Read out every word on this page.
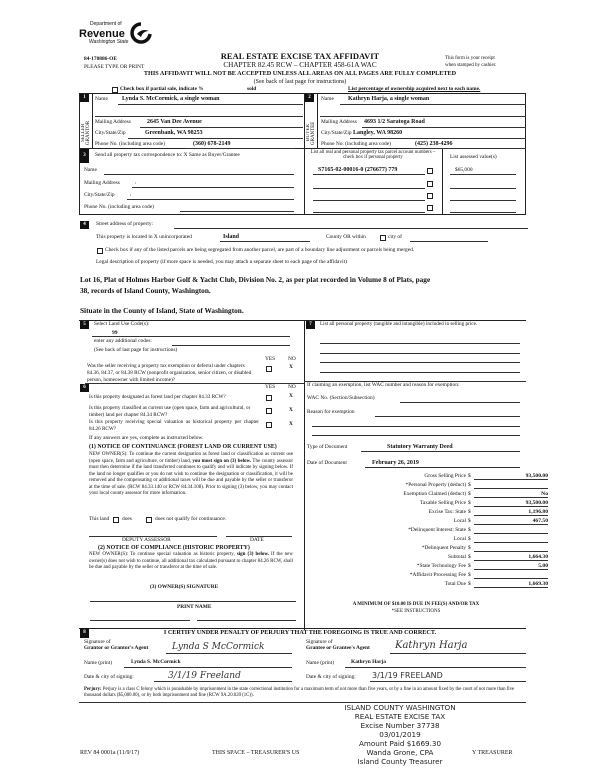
Department of
Revenue
Washington State
84-170886-OE
PLEASE TYPE OR PRINT
REAL ESTATE EXCISE TAX AFFIDAVIT
CHAPTER 82.45 RCW – CHAPTER 458-61A WAC
THIS AFFIDAVIT WILL NOT BE ACCEPTED UNLESS ALL AREAS ON ALL PAGES ARE FULLY COMPLETED
(See back of last page for instructions)
This form is your receipt
when stamped by cashier.
Check box if partial sale, indicate %	sold	List percentage of ownership acquired next to each name.
1
SELLER GRANTOR
Name Lynda S. McCormick, a single woman
Mailing Address	2645 Van Dee Avenue
City/State/Zip	Greenbank, WA 98253
Phone No. (including area code)	(360) 678-2149
2
BUYER GRANTEE
Name Kathryn Harja, a single woman
Mailing Address 4693 1/2 Saratoga Road
City/State/Zip Langley, WA 98260
Phone No. (including area code)	(425) 238-4296
3	Send all property tax correspondence to: X Same as Buyer/Grantee
Name
Mailing Address	,
City/State/Zip	,
Phone No. (including area code)
List all real and personal property tax parcel account numbers – check box if personal property	List assessed value(s)
S7165-02-00016-0 (276677) 779	$65,000
4	Street address of property:
This property is located in X unincorporated	Island	County OR within	city of
Check box if any of the listed parcels are being segregated from another parcel, are part of a boundary line adjustment or parcels being merged.
Legal description of property (if more space is needed, you may attach a separate sheet to each page of the affidavit)
Lot 16, Plat of Holmes Harbor Golf & Yacht Club, Division No. 2, as per plat recorded in Volume 8 of Plats, page
38, records of Island County, Washington.
Situate in the County of Island, State of Washington.
5	Select Land Use Code(s):
99
enter any additional codes:
(See back of last page for instructions)
YES NO
Was the seller receiving a property tax exemption or deferral under chapters 84.36, 84.37, or 84.38 RCW (nonprofit organization, senior citizen, or disabled person, homeowner with limited income)?
X
6	YES NO
Is this property designated as forest land per chapter 84.33 RCW?	X
Is this property classified as current use (open space, farm and agricultural, or timber) land per chapter 84.34 RCW?
X
Is this property receiving special valuation as historical property per chapter 84.26 RCW?
X
If any answers are yes, complete as instructed below.
(1) NOTICE OF CONTINUANCE (FOREST LAND OR CURRENT USE)
NEW OWNER(S): To continue the current designation as forest land or classification as current use (open space, farm and agriculture, or timber) land, you must sign on (3) below. The county assessor must then determine if the land transferred continues to qualify and will indicate by signing below. If the land no longer qualifies or you do not wish to continue the designation or classification, it will be removed and the compensating or additional taxes will be due and payable by the seller or transferor at the time of sale. (RCW 84.33.140 or RCW 84.34.108). Prior to signing (3) below, you may contact your local county assessor for more information.
This land does	does not qualify for continuance.
DEPUTY ASSESSOR	DATE
(2) NOTICE OF COMPLIANCE (HISTORIC PROPERTY)
NEW OWNER(S): To continue special valuation as historic property, sign (3) below. If the new owner(s) does not wish to continue, all additional tax calculated pursuant to chapter 84.26 RCW, shall be due and payable by the seller or transferor at the time of sale.
(3) OWNER(S) SIGNATURE
PRINT NAME
7	List all personal property (tangible and intangible) included in selling price.
If claiming an exemption, list WAC number and reason for exemption:
WAC No. (Section/Subsection)
Reason for exemption
Type of Document	Statutory Warranty Deed
Date of Document	February 26, 2019
Gross Selling Price $	93,500.00
*Personal Property (deduct) $

Exemption Claimed (deduct) $	No
Taxable Selling Price $	93,500.00
Excise Tax: State $	1,196.80
Local $	467.50
*Delinquent Interest: State $

Local $

*Delinquent Penalty $

Subtotal $	1,664.30
*State Technology Fee $	5.00
*Affidavit Processing Fee $

Total Due $	1,669.30
A MINIMUM OF $10.00 IS DUE IN FEE(S) AND/OR TAX
*SEE INSTRUCTIONS
8	I CERTIFY UNDER PENALTY OF PERJURY THAT THE FOREGOING IS TRUE AND CORRECT.
Signature of
Grantor or Grantor's Agent	Lynda S McCormick	Signature of
Grantee or Grantee's Agent	Kathryn Harja
Name (print)	Lynda S. McCormick	Name (print)	Kathryn Harja
Date & city of signing:	3/1/19 Freeland	Date & city of signing: 3/1/19 FREELAND
Perjury: Perjury is a class C felony which is punishable by imprisonment in the state correctional institution for a maximum term of not more than five years, or by a fine in an amount fixed by the court of not more than five thousand dollars ($5,000.00), or by both imprisonment and fine (RCW 9A.20.020 (1C)).
ISLAND COUNTY WASHINGTON
REAL ESTATE EXCISE TAX
Excise Number 37738
03/01/2019
Amount Paid $1669.30
Wanda Grone, CPA
Island County Treasurer
REV 84 0001a (11/9/17)	THIS SPACE – TREASURER'S US	Y TREASURER
